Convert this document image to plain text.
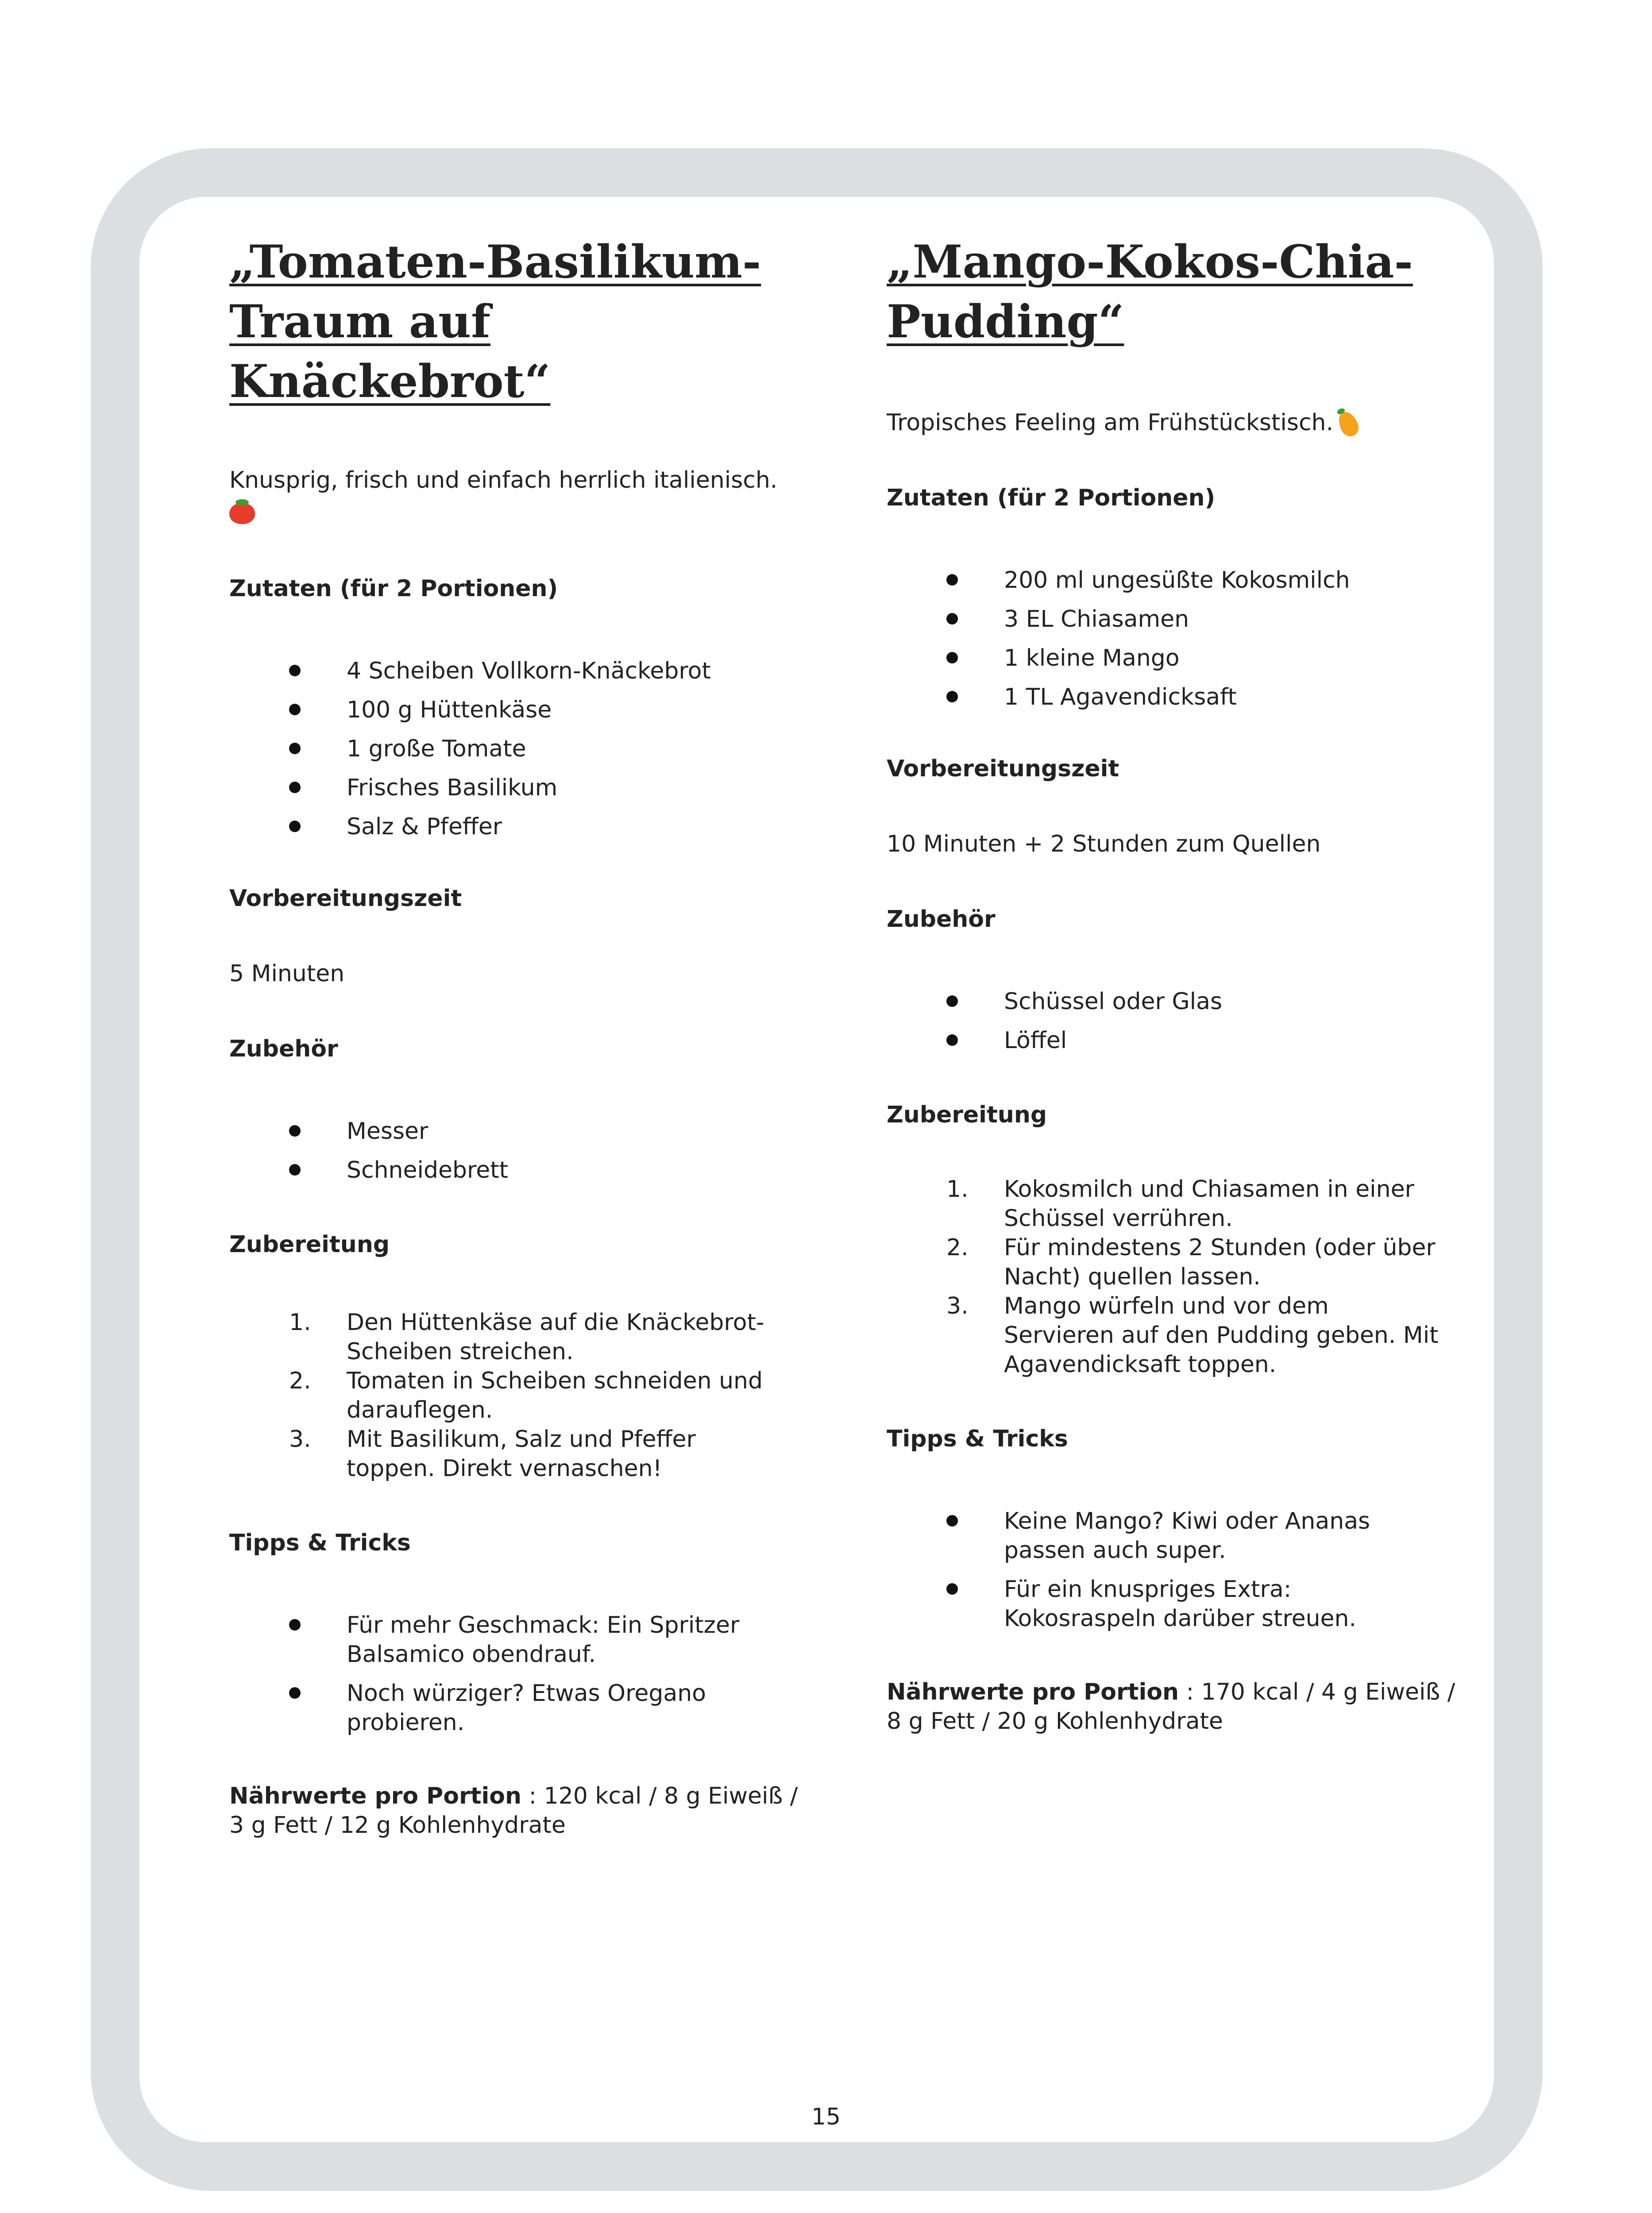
„Tomaten-Basilikum-
Traum auf Knäckebrot“

Knusprig, frisch und einfach herrlich italienisch.

Zutaten (für 2 Portionen)

4 Scheiben Vollkorn-Knäckebrot
100 g Hüttenkäse
1 große Tomate
Frisches Basilikum
Salz & Pfeffer

Vorbereitungszeit

5 Minuten

Zubehör

Messer
Schneidebrett

Zubereitung

1. Den Hüttenkäse auf die Knäckebrot-
Scheiben streichen.
2. Tomaten in Scheiben schneiden und
darauflegen.
3. Mit Basilikum, Salz und Pfeffer
toppen. Direkt vernaschen!

Tipps & Tricks

Für mehr Geschmack: Ein Spritzer
Balsamico obendrauf.
Noch würziger? Etwas Oregano
probieren.

Nährwerte pro Portion : 120 kcal / 8 g Eiweiß /
3 g Fett / 12 g Kohlenhydrate

„Mango-Kokos-Chia-
Pudding“

Tropisches Feeling am Frühstückstisch.

Zutaten (für 2 Portionen)

200 ml ungesüßte Kokosmilch
3 EL Chiasamen
1 kleine Mango
1 TL Agavendicksaft

Vorbereitungszeit

10 Minuten + 2 Stunden zum Quellen

Zubehör

Schüssel oder Glas
Löffel

Zubereitung

1. Kokosmilch und Chiasamen in einer
Schüssel verrühren.
2. Für mindestens 2 Stunden (oder über
Nacht) quellen lassen.
3. Mango würfeln und vor dem
Servieren auf den Pudding geben. Mit
Agavendicksaft toppen.

Tipps & Tricks

Keine Mango? Kiwi oder Ananas
passen auch super.
Für ein knuspriges Extra:
Kokosraspeln darüber streuen.

Nährwerte pro Portion : 170 kcal / 4 g Eiweiß /
8 g Fett / 20 g Kohlenhydrate

15
